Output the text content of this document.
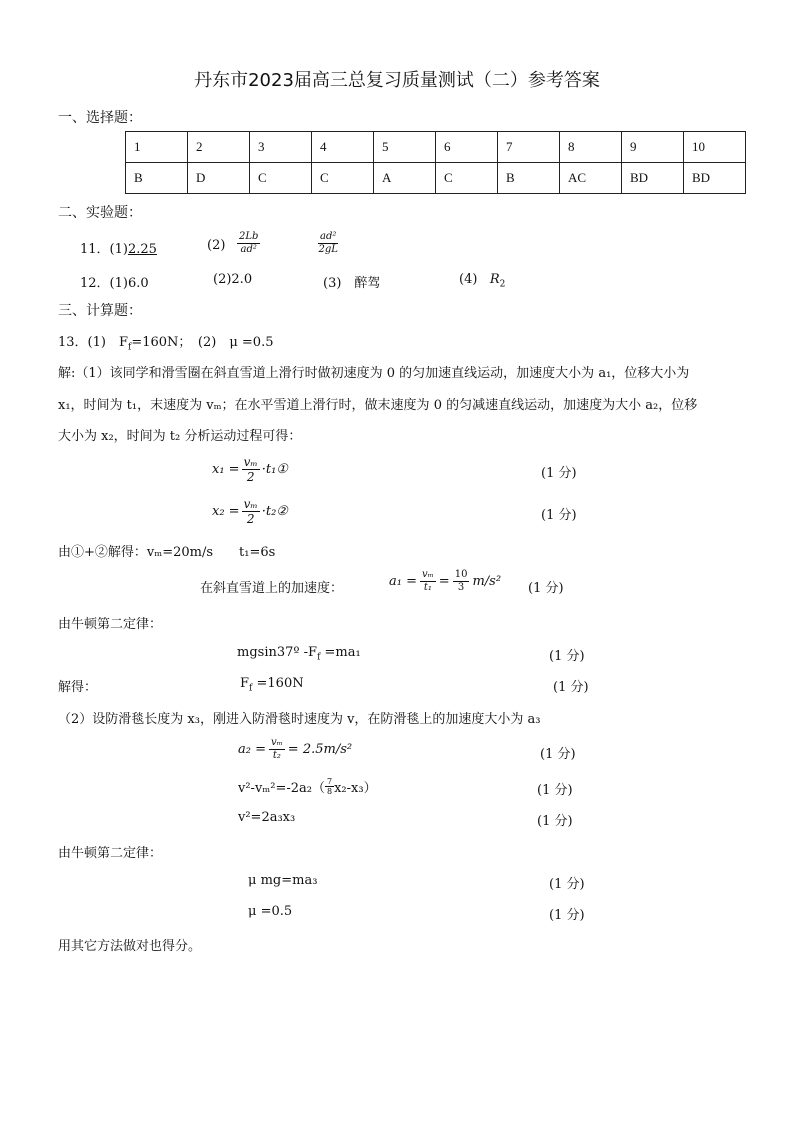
丹东市2023届高三总复习质量测试（二）参考答案
一、选择题：
1	2	3	4	5	6	7	8	9	10
B	D	C	C	A	C	B	AC	BD	BD
二、实验题：
11．(1)2.25	$(2) \frac{2Lb}{\text{ad²}}$	$\frac{\text{ad²}}{2gL}$
12．(1)6.0	(2)2.0	(3)　醉驾	(4) $R_2$
三、计算题：
13．(1)　$F_f=160N$；　(2)　μ =0.5
解:（1）该同学和滑雪圈在斜直雪道上滑行时做初速度为 0 的匀加速直线运动，加速度大小为 a₁，位移大小为
x₁，时间为 t₁，末速度为 vₘ；在水平雪道上滑行时，做末速度为 0 的匀减速直线运动，加速度为大小 a₂，位移
大小为 x₂，时间为 t₂ 分析运动过程可得：
$x_1 = \frac{\text{vₘ}}{2}$ ·t₁①	(1 分)
$x_2 = \frac{\text{vₘ}}{2}$ ·t₂②	(1 分)
由①+②解得：vₘ=20m/s　　t₁=6s
在斜直雪道上的加速度：	$a_1 = \frac{\text{vₘ}}{\text{t₁}} = \frac{10}{3} m/s^2$ (1 分)
由牛顿第二定律：
mgsin37º $-F_f =ma_1$	(1 分)
解得：	$F_f =160N$	(1 分)
（2）设防滑毯长度为 x₃，刚进入防滑毯时速度为 v，在防滑毯上的加速度大小为 a₃
$a_2 = \frac{\text{vₘ}}{\text{t₂}} = 2.5m/s^2$	(1 分)
$v^2-v_m^2=-2a_2( \frac{7}{8} x_2-x_3)$	(1 分)
v²=2a₃x₃	(1 分)
由牛顿第二定律：
μ mg=ma₃	(1 分)
μ =0.5	(1 分)
用其它方法做对也得分。
